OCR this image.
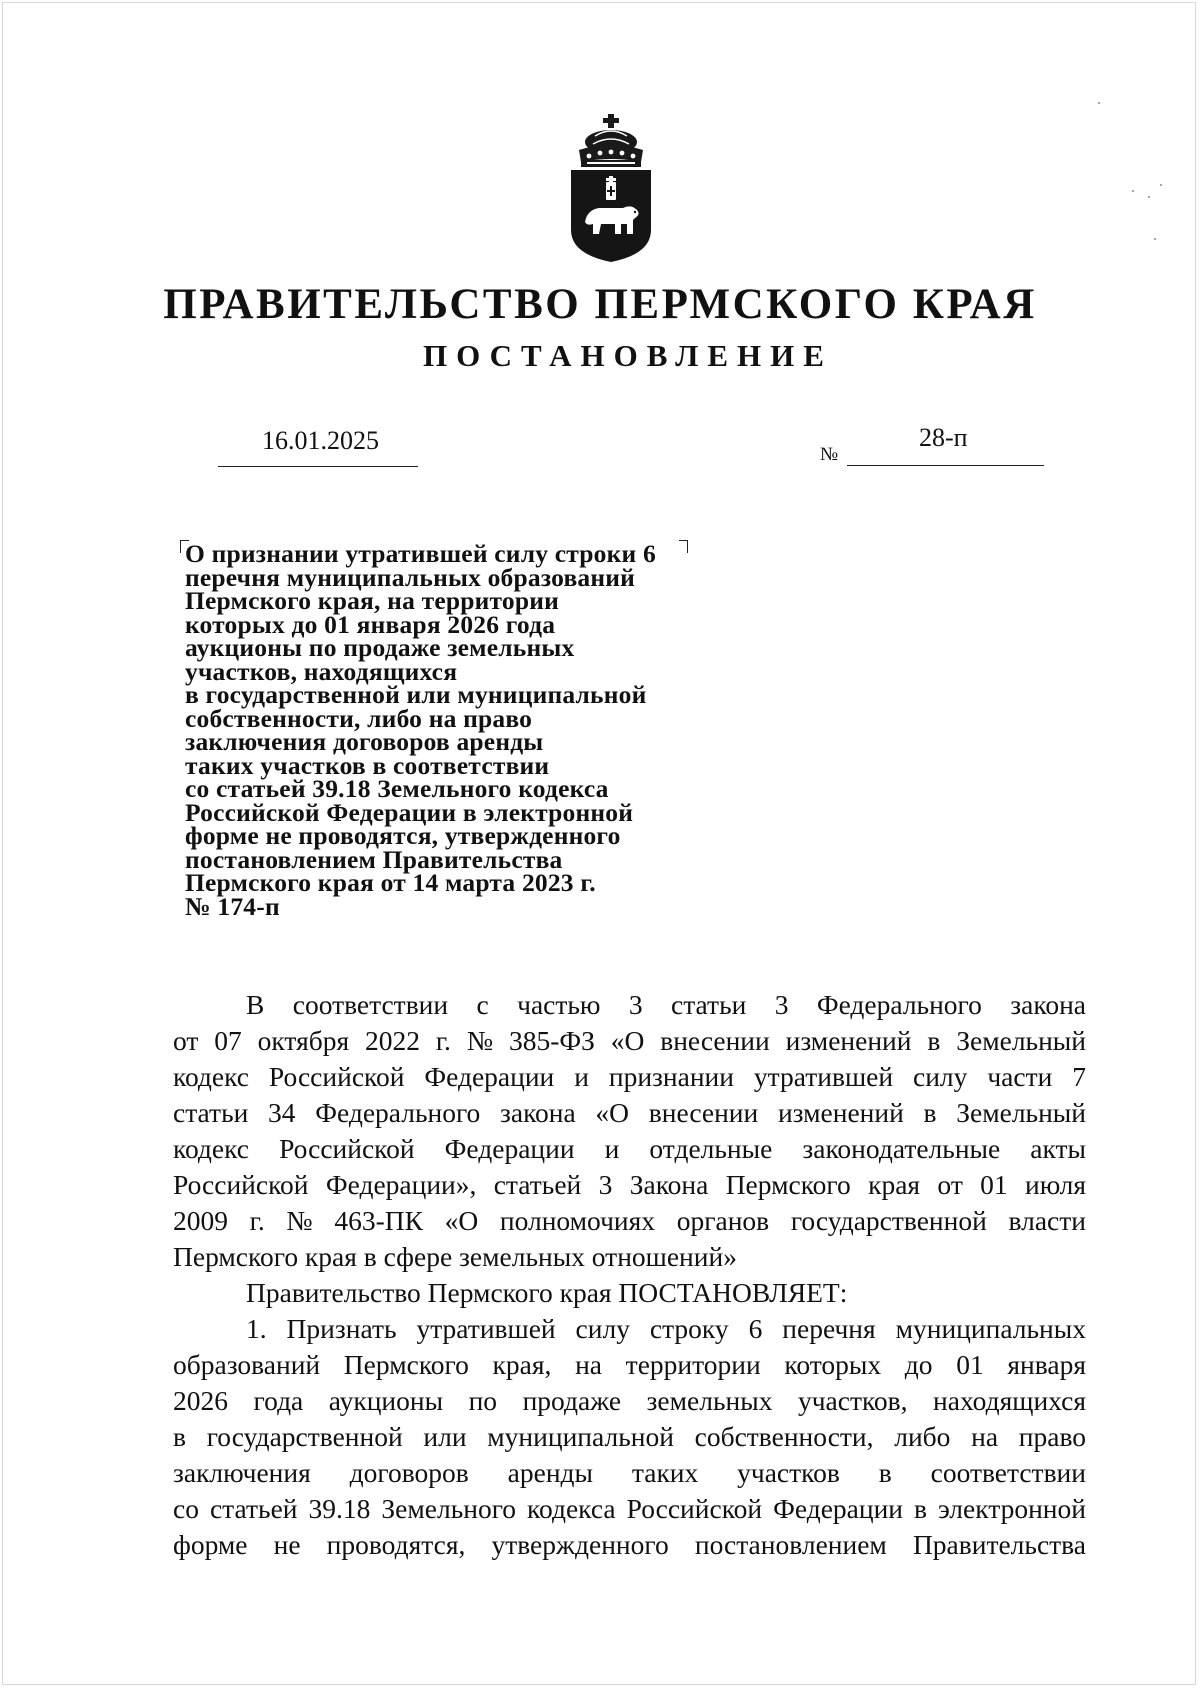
ПРАВИТЕЛЬСТВО ПЕРМСКОГО КРАЯ
ПОСТАНОВЛЕНИЕ
16.01.2025	№
28-п
О признании утратившей силу строки 6
перечня муниципальных образований
Пермского края, на территории
которых до 01 января 2026 года
аукционы по продаже земельных
участков, находящихся
в государственной или муниципальной
собственности, либо на право
заключения договоров аренды
таких участков в соответствии
со статьей 39.18 Земельного кодекса
Российской Федерации в электронной
форме не проводятся, утвержденного
постановлением Правительства
Пермского края от 14 марта 2023 г.
№ 174-п
В соответствии с частью 3 статьи 3 Федерального закона
от 07 октября 2022 г. № 385-ФЗ «О внесении изменений в Земельный
кодекс Российской Федерации и признании утратившей силу части 7
статьи 34 Федерального закона «О внесении изменений в Земельный
кодекс Российской Федерации и отдельные законодательные акты
Российской Федерации», статьей 3 Закона Пермского края от 01 июля
2009 г. № 463-ПК «О полномочиях органов государственной власти
Пермского края в сфере земельных отношений»
Правительство Пермского края ПОСТАНОВЛЯЕТ:
1. Признать утратившей силу строку 6 перечня муниципальных
образований Пермского края, на территории которых до 01 января
2026 года аукционы по продаже земельных участков, находящихся
в государственной или муниципальной собственности, либо на право
заключения договоров аренды таких участков в соответствии
со статьей 39.18 Земельного кодекса Российской Федерации в электронной
форме не проводятся, утвержденного постановлением Правительства
